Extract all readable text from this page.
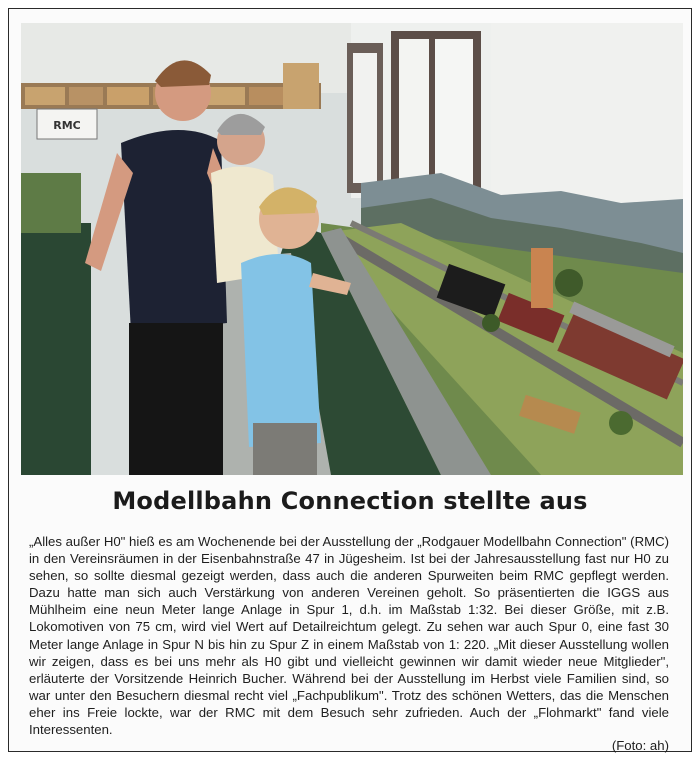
RMC
Modellbahn Connection stellte aus
„Alles außer H0" hieß es am Wochenende bei der Ausstellung der „Rodgauer Modellbahn Connection" (RMC) in den Vereinsräumen in der Eisenbahnstraße 47 in Jügesheim. Ist bei der Jahresausstellung fast nur H0 zu sehen, so sollte diesmal gezeigt werden, dass auch die anderen Spurweiten beim RMC gepflegt werden. Dazu hatte man sich auch Verstärkung von anderen Vereinen geholt. So präsentierten die IGGS aus Mühlheim eine neun Meter lange Anlage in Spur 1, d.h. im Maßstab 1:32. Bei dieser Größe, mit z.B. Lokomotiven von 75 cm, wird viel Wert auf Detailreichtum gelegt. Zu sehen war auch Spur 0, eine fast 30 Meter lange Anlage in Spur N bis hin zu Spur Z in einem Maßstab von 1: 220. „Mit dieser Ausstellung wollen wir zeigen, dass es bei uns mehr als H0 gibt und vielleicht gewinnen wir damit wieder neue Mitglieder", erläuterte der Vorsitzende Heinrich Bucher. Während bei der Ausstellung im Herbst viele Familien sind, so war unter den Besuchern diesmal recht viel „Fachpublikum". Trotz des schönen Wetters, das die Menschen eher ins Freie lockte, war der RMC mit dem Besuch sehr zufrieden. Auch der „Flohmarkt" fand viele Interessenten.
(Foto: ah)
